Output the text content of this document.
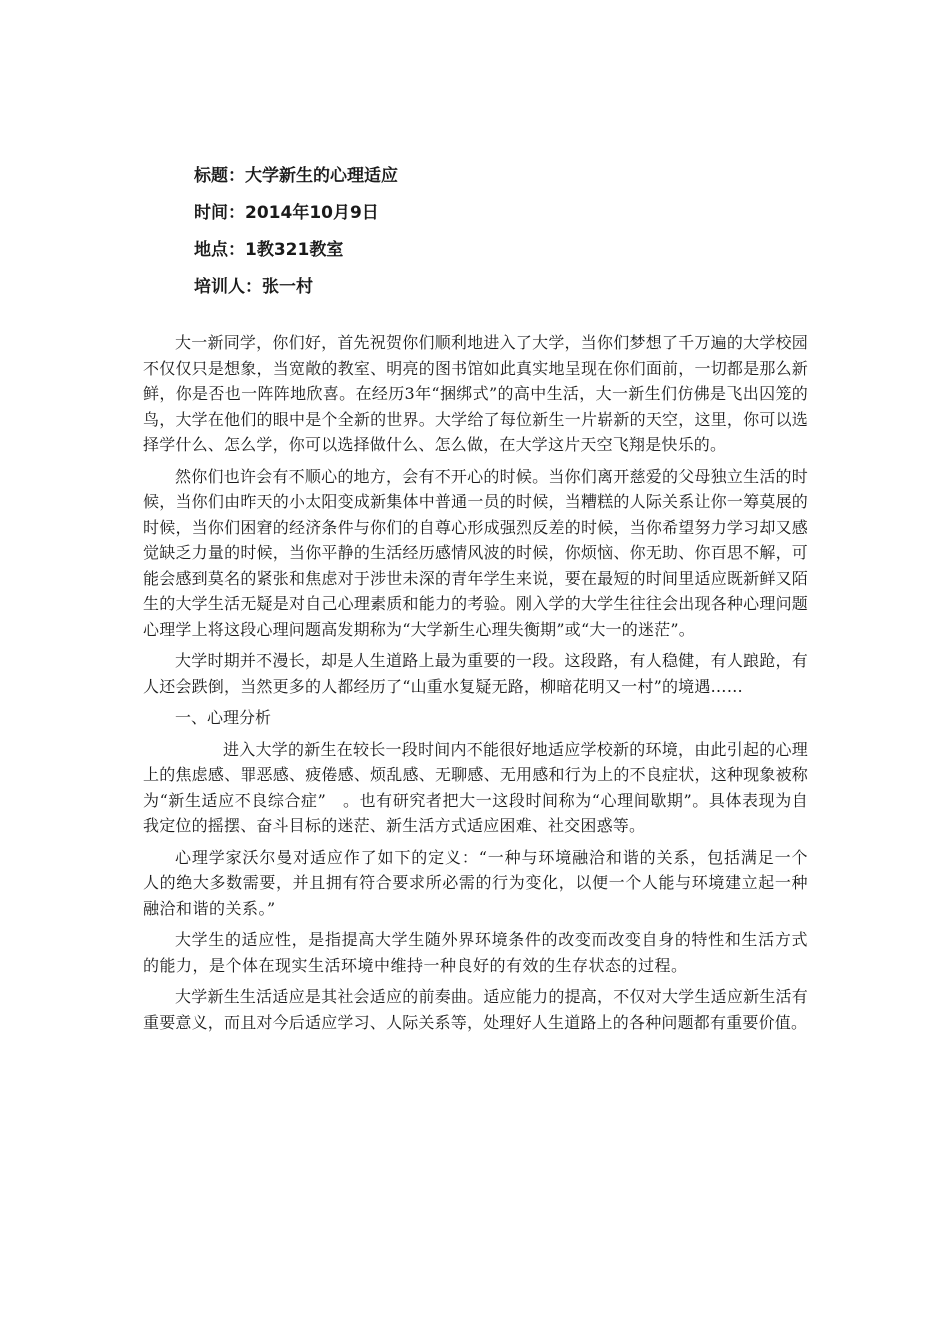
标题：大学新生的心理适应
时间：2014年10月9日
地点：1教321教室
培训人：张一村

大一新同学，你们好，首先祝贺你们顺利地进入了大学，当你们梦想了千万遍的大学校园不仅仅只是想象，当宽敞的教室、明亮的图书馆如此真实地呈现在你们面前，一切都是那么新鲜，你是否也一阵阵地欣喜。在经历3年“捆绑式”的高中生活，大一新生们仿佛是飞出囚笼的鸟，大学在他们的眼中是个全新的世界。大学给了每位新生一片崭新的天空，这里，你可以选择学什么、怎么学，你可以选择做什么、怎么做，在大学这片天空飞翔是快乐的。

然你们也许会有不顺心的地方，会有不开心的时候。当你们离开慈爱的父母独立生活的时候，当你们由昨天的小太阳变成新集体中普通一员的时候，当糟糕的人际关系让你一筹莫展的时候，当你们困窘的经济条件与你们的自尊心形成强烈反差的时候，当你希望努力学习却又感觉缺乏力量的时候，当你平静的生活经历感情风波的时候，你烦恼、你无助、你百思不解，可能会感到莫名的紧张和焦虑对于涉世未深的青年学生来说，要在最短的时间里适应既新鲜又陌生的大学生活无疑是对自己心理素质和能力的考验。刚入学的大学生往往会出现各种心理问题心理学上将这段心理问题高发期称为“大学新生心理失衡期”或“大一的迷茫”。

大学时期并不漫长，却是人生道路上最为重要的一段。这段路，有人稳健，有人踉跄，有人还会跌倒，当然更多的人都经历了“山重水复疑无路，柳暗花明又一村”的境遇……

一、心理分析

进入大学的新生在较长一段时间内不能很好地适应学校新的环境，由此引起的心理上的焦虑感、罪恶感、疲倦感、烦乱感、无聊感、无用感和行为上的不良症状，这种现象被称为“新生适应不良综合症”　。也有研究者把大一这段时间称为“心理间歇期”。具体表现为自我定位的摇摆、奋斗目标的迷茫、新生活方式适应困难、社交困惑等。

心理学家沃尔曼对适应作了如下的定义：“一种与环境融洽和谐的关系，包括满足一个人的绝大多数需要，并且拥有符合要求所必需的行为变化，以便一个人能与环境建立起一种融洽和谐的关系。”

大学生的适应性，是指提高大学生随外界环境条件的改变而改变自身的特性和生活方式的能力，是个体在现实生活环境中维持一种良好的有效的生存状态的过程。

大学新生生活适应是其社会适应的前奏曲。适应能力的提高，不仅对大学生适应新生活有重要意义，而且对今后适应学习、人际关系等，处理好人生道路上的各种问题都有重要价值。
